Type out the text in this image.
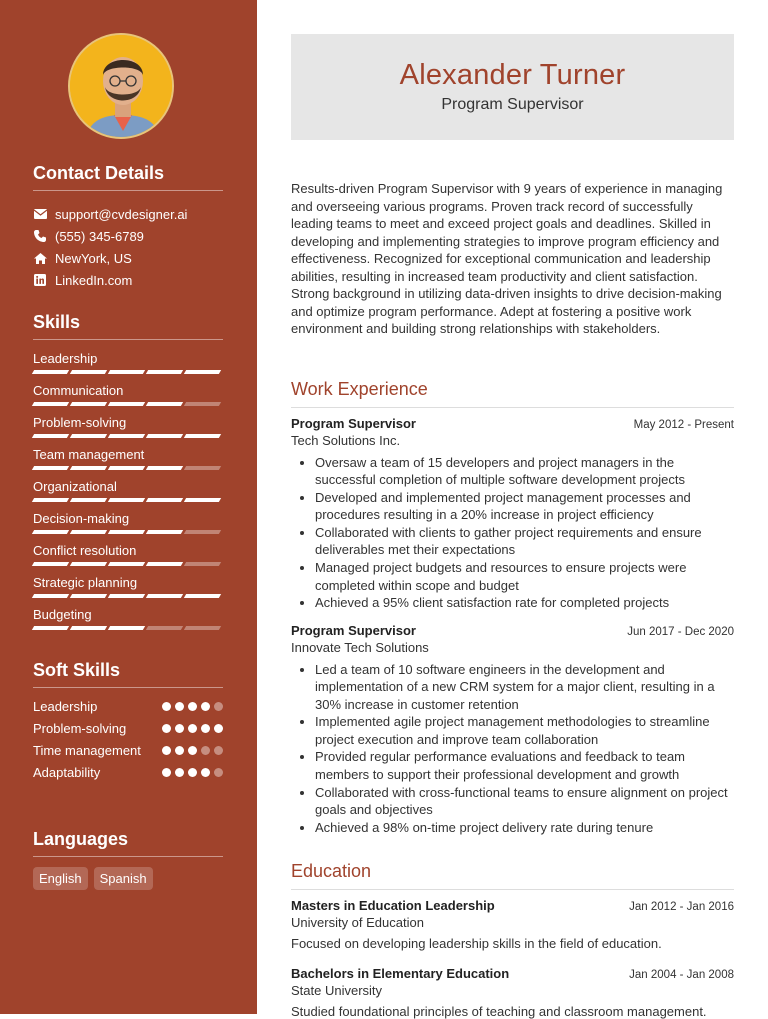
Contact Details
support@cvdesigner.ai
(555) 345-6789
NewYork, US
LinkedIn.com
Skills
Leadership
Communication
Problem-solving
Team management
Organizational
Decision-making
Conflict resolution
Strategic planning
Budgeting
Soft Skills
Leadership
Problem-solving
Time management
Adaptability
Languages
English	Spanish
Alexander Turner
Program Supervisor
Results-driven Program Supervisor with 9 years of experience in managing and overseeing various programs. Proven track record of successfully leading teams to meet and exceed project goals and deadlines. Skilled in developing and implementing strategies to improve program efficiency and effectiveness. Recognized for exceptional communication and leadership abilities, resulting in increased team productivity and client satisfaction. Strong background in utilizing data-driven insights to drive decision-making and optimize program performance. Adept at fostering a positive work environment and building strong relationships with stakeholders.
Work Experience
Program Supervisor	May 2012 - Present
Tech Solutions Inc.
• Oversaw a team of 15 developers and project managers in the successful completion of multiple software development projects
• Developed and implemented project management processes and procedures resulting in a 20% increase in project efficiency
• Collaborated with clients to gather project requirements and ensure deliverables met their expectations
• Managed project budgets and resources to ensure projects were completed within scope and budget
• Achieved a 95% client satisfaction rate for completed projects
Program Supervisor	Jun 2017 - Dec 2020
Innovate Tech Solutions
• Led a team of 10 software engineers in the development and implementation of a new CRM system for a major client, resulting in a 30% increase in customer retention
• Implemented agile project management methodologies to streamline project execution and improve team collaboration
• Provided regular performance evaluations and feedback to team members to support their professional development and growth
• Collaborated with cross-functional teams to ensure alignment on project goals and objectives
• Achieved a 98% on-time project delivery rate during tenure
Education
Masters in Education Leadership	Jan 2012 - Jan 2016
University of Education
Focused on developing leadership skills in the field of education.
Bachelors in Elementary Education	Jan 2004 - Jan 2008
State University
Studied foundational principles of teaching and classroom management.
